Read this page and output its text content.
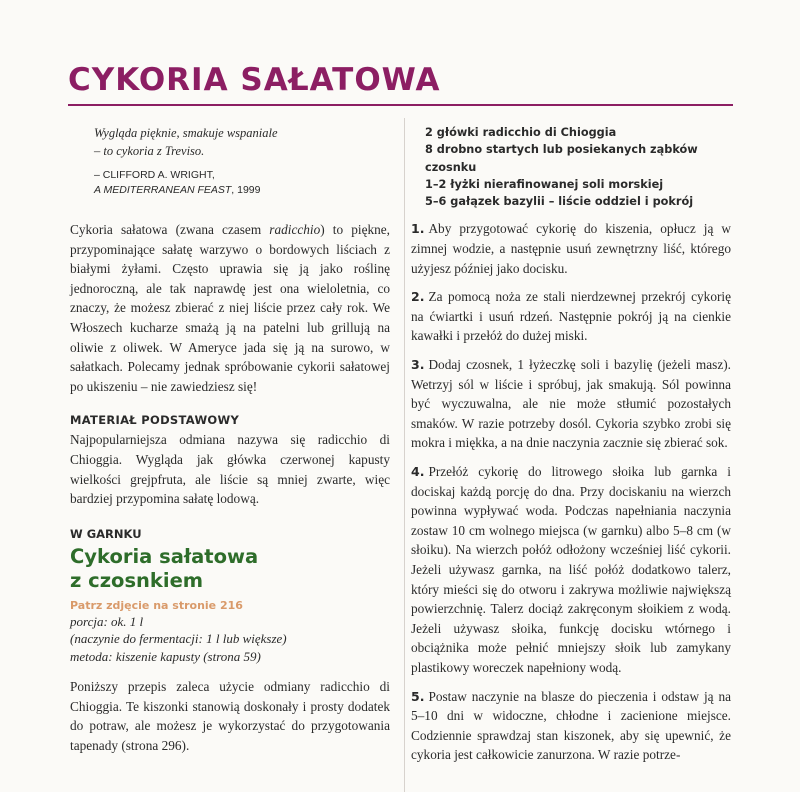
CYKORIA SAŁATOWA
Wygląda pięknie, smakuje wspaniale
– to cykoria z Treviso.
– CLIFFORD A. WRIGHT,
A MEDITERRANEAN FEAST, 1999
Cykoria sałatowa (zwana czasem radicchio) to piękne, przypominające sałatę warzywo o bordowych liściach z białymi żyłami. Często uprawia się ją jako roślinę jednoroczną, ale tak naprawdę jest ona wieloletnia, co znaczy, że możesz zbierać z niej liście przez cały rok. We Włoszech kucharze smażą ją na patelni lub grillują na oliwie z oliwek. W Ameryce jada się ją na surowo, w sałatkach. Polecamy jednak spróbowanie cykorii sałatowej po ukiszeniu – nie zawiedziesz się!
MATERIAŁ PODSTAWOWY
Najpopularniejsza odmiana nazywa się radicchio di Chioggia. Wygląda jak główka czerwonej kapusty wielkości grejpfruta, ale liście są mniej zwarte, więc bardziej przypomina sałatę lodową.
W GARNKU
Cykoria sałatowa
z czosnkiem
Patrz zdjęcie na stronie 216
porcja: ok. 1 l
(naczynie do fermentacji: 1 l lub większe)
metoda: kiszenie kapusty (strona 59)
Poniższy przepis zaleca użycie odmiany radicchio di Chioggia. Te kiszonki stanowią doskonały i prosty dodatek do potraw, ale możesz je wykorzystać do przygotowania tapenady (strona 296).
2 główki radicchio di Chioggia
8 drobno startych lub posiekanych ząbków czosnku
1–2 łyżki nierafinowanej soli morskiej
5–6 gałązek bazylii – liście oddziel i pokrój
1. Aby przygotować cykorię do kiszenia, opłucz ją w zimnej wodzie, a następnie usuń zewnętrzny liść, którego użyjesz później jako docisku.
2. Za pomocą noża ze stali nierdzewnej przekrój cykorię na ćwiartki i usuń rdzeń. Następnie pokrój ją na cienkie kawałki i przełóż do dużej miski.
3. Dodaj czosnek, 1 łyżeczkę soli i bazylię (jeżeli masz). Wetrzyj sól w liście i spróbuj, jak smakują. Sól powinna być wyczuwalna, ale nie może stłumić pozostałych smaków. W razie potrzeby dosól. Cykoria szybko zrobi się mokra i miękka, a na dnie naczynia zacznie się zbierać sok.
4. Przełóż cykorię do litrowego słoika lub garnka i dociskaj każdą porcję do dna. Przy dociskaniu na wierzch powinna wypływać woda. Podczas napełniania naczynia zostaw 10 cm wolnego miejsca (w garnku) albo 5–8 cm (w słoiku). Na wierzch połóż odłożony wcześniej liść cykorii. Jeżeli używasz garnka, na liść połóż dodatkowo talerz, który mieści się do otworu i zakrywa możliwie największą powierzchnię. Talerz dociąż zakręconym słoikiem z wodą. Jeżeli używasz słoika, funkcję docisku wtórnego i obciążnika może pełnić mniejszy słoik lub zamykany plastikowy woreczek napełniony wodą.
5. Postaw naczynie na blasze do pieczenia i odstaw ją na 5–10 dni w widoczne, chłodne i zacienione miejsce. Codziennie sprawdzaj stan kiszonek, aby się upewnić, że cykoria jest całkowicie zanurzona. W razie potrze-
